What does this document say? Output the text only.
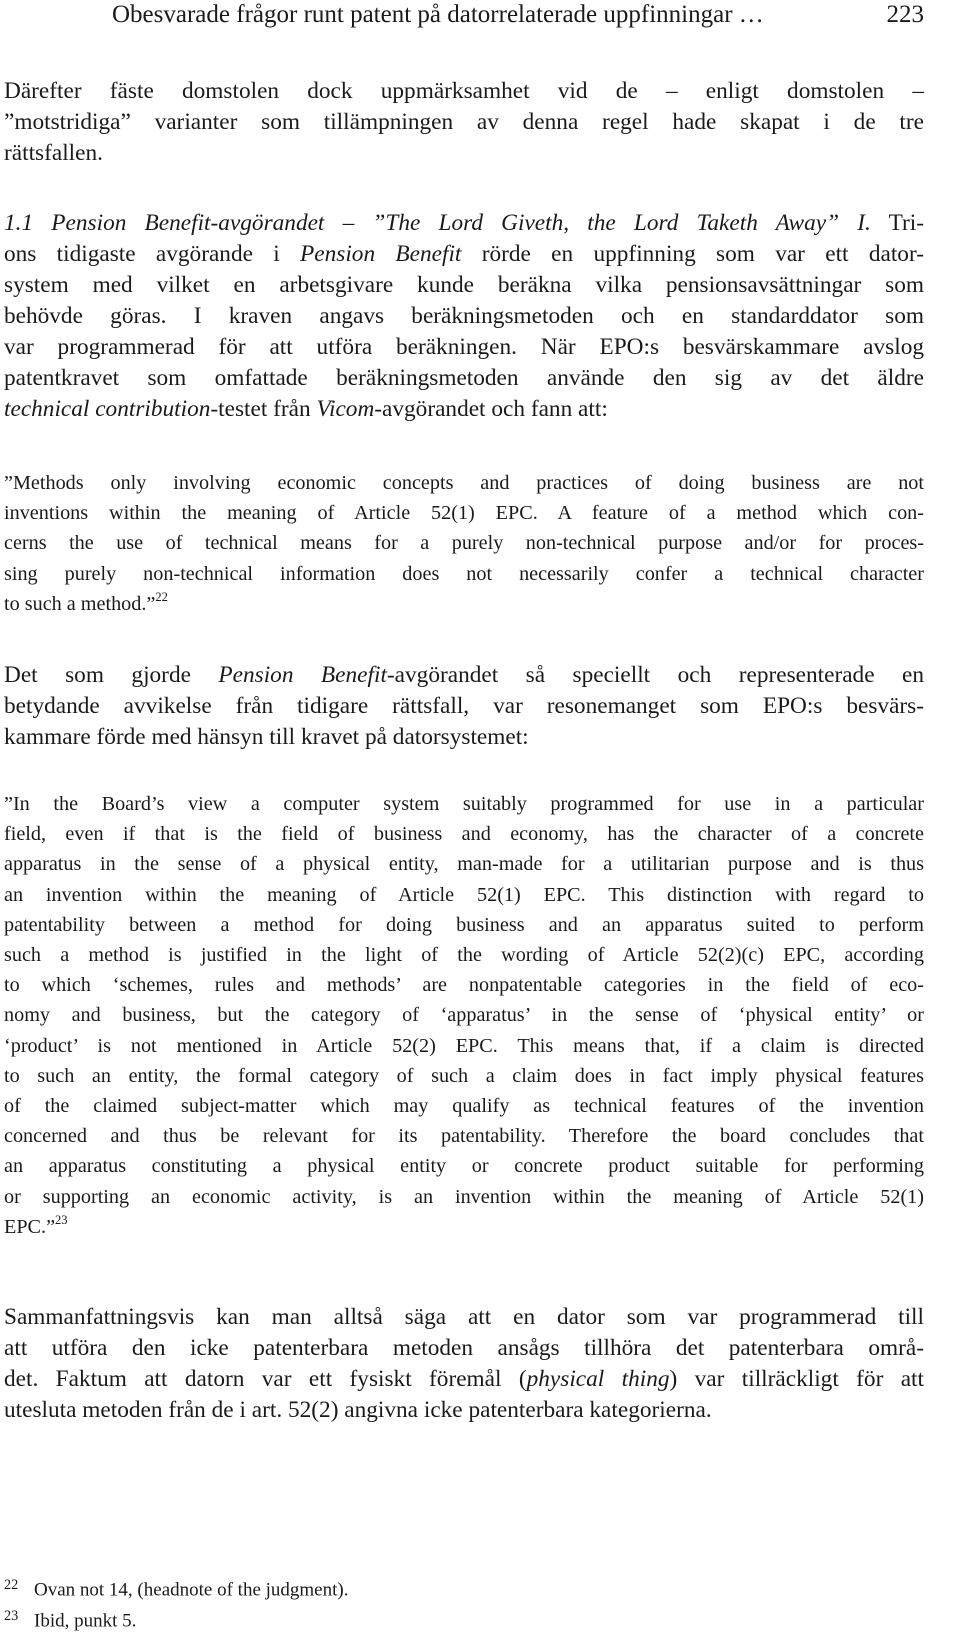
Obesvarade frågor runt patent på datorrelaterade uppfinningar …	223
Därefter fäste domstolen dock uppmärksamhet vid de – enligt domstolen –
”motstridiga” varianter som tillämpningen av denna regel hade skapat i de tre
rättsfallen.
1.1 Pension Benefit-avgörandet – ”The Lord Giveth, the Lord Taketh Away” I. Tri-
ons tidigaste avgörande i Pension Benefit rörde en uppfinning som var ett dator-
system med vilket en arbetsgivare kunde beräkna vilka pensionsavsättningar som
behövde göras. I kraven angavs beräkningsmetoden och en standarddator som
var programmerad för att utföra beräkningen. När EPO:s besvärskammare avslog
patentkravet som omfattade beräkningsmetoden använde den sig av det äldre
technical contribution-testet från Vicom-avgörandet och fann att:
”Methods only involving economic concepts and practices of doing business are not
inventions within the meaning of Article 52(1) EPC. A feature of a method which con-
cerns the use of technical means for a purely non-technical purpose and/or for proces-
sing purely non-technical information does not necessarily confer a technical character
to such a method.”$^{22}$
Det som gjorde Pension Benefit-avgörandet så speciellt och representerade en
betydande avvikelse från tidigare rättsfall, var resonemanget som EPO:s besvärs-
kammare förde med hänsyn till kravet på datorsystemet:
”In the Board’s view a computer system suitably programmed for use in a particular
field, even if that is the field of business and economy, has the character of a concrete
apparatus in the sense of a physical entity, man-made for a utilitarian purpose and is thus
an invention within the meaning of Article 52(1) EPC. This distinction with regard to
patentability between a method for doing business and an apparatus suited to perform
such a method is justified in the light of the wording of Article 52(2)(c) EPC, according
to which ‘schemes, rules and methods’ are nonpatentable categories in the field of eco-
nomy and business, but the category of ‘apparatus’ in the sense of ‘physical entity’ or
‘product’ is not mentioned in Article 52(2) EPC. This means that, if a claim is directed
to such an entity, the formal category of such a claim does in fact imply physical features
of the claimed subject-matter which may qualify as technical features of the invention
concerned and thus be relevant for its patentability. Therefore the board concludes that
an apparatus constituting a physical entity or concrete product suitable for performing
or supporting an economic activity, is an invention within the meaning of Article 52(1)
EPC.”$^{23}$
Sammanfattningsvis kan man alltså säga att en dator som var programmerad till
att utföra den icke patenterbara metoden ansågs tillhöra det patenterbara områ-
det. Faktum att datorn var ett fysiskt föremål (physical thing) var tillräckligt för att
utesluta metoden från de i art. 52(2) angivna icke patenterbara kategorierna.
22 Ovan not 14, (headnote of the judgment).
23 Ibid, punkt 5.
